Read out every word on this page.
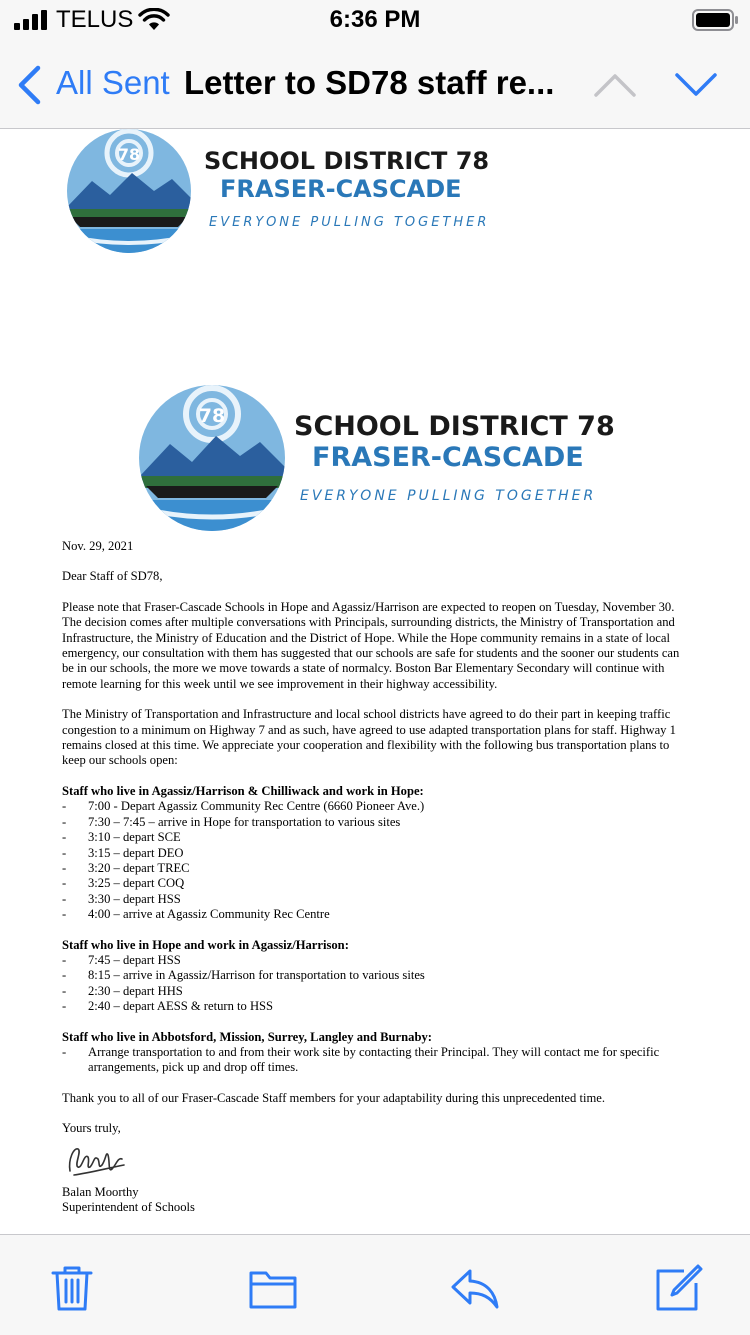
TELUS	6:36 PM
All Sent Letter to SD78 staff re...
78	SCHOOL DISTRICT 78
FRASER-CASCADE
EVERYONE PULLING TOGETHER
78	SCHOOL DISTRICT 78
FRASER-CASCADE
EVERYONE PULLING TOGETHER

Nov. 29, 2021

Dear Staff of SD78,

Please note that Fraser-Cascade Schools in Hope and Agassiz/Harrison are expected to reopen on Tuesday, November 30. The decision comes after multiple conversations with Principals, surrounding districts, the Ministry of Transportation and Infrastructure, the Ministry of Education and the District of Hope. While the Hope community remains in a state of local emergency, our consultation with them has suggested that our schools are safe for students and the sooner our students can be in our schools, the more we move towards a state of normalcy. Boston Bar Elementary Secondary will continue with remote learning for this week until we see improvement in their highway accessibility.

The Ministry of Transportation and Infrastructure and local school districts have agreed to do their part in keeping traffic congestion to a minimum on Highway 7 and as such, have agreed to use adapted transportation plans for staff. Highway 1 remains closed at this time. We appreciate your cooperation and flexibility with the following bus transportation plans to keep our schools open:

Staff who live in Agassiz/Harrison & Chilliwack and work in Hope:

-	7:00 - Depart Agassiz Community Rec Centre (6660 Pioneer Ave.)
-	7:30 – 7:45 – arrive in Hope for transportation to various sites
-	3:10 – depart SCE
-	3:15 – depart DEO
-	3:20 – depart TREC
-	3:25 – depart COQ
-	3:30 – depart HSS
-	4:00 – arrive at Agassiz Community Rec Centre

Staff who live in Hope and work in Agassiz/Harrison:

-	7:45 – depart HSS
-	8:15 – arrive in Agassiz/Harrison for transportation to various sites
-	2:30 – depart HHS
-	2:40 – depart AESS & return to HSS

Staff who live in Abbotsford, Mission, Surrey, Langley and Burnaby:

-	Arrange transportation to and from their work site by contacting their Principal. They will contact me for specific arrangements, pick up and drop off times.

Thank you to all of our Fraser-Cascade Staff members for your adaptability during this unprecedented time.

Yours truly,

Balan Moorthy

Superintendent of Schools
